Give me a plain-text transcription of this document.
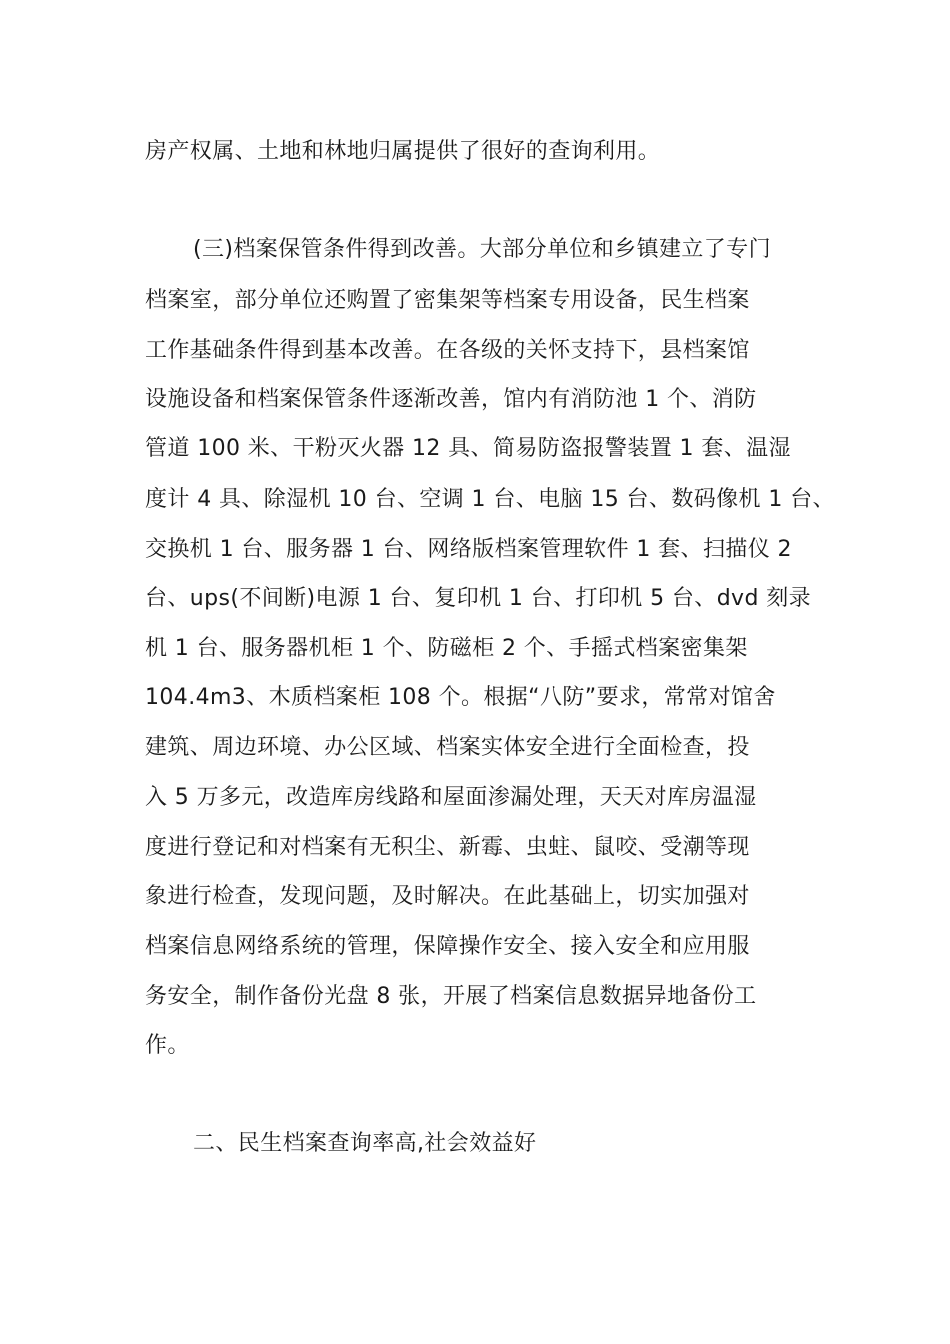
房产权属、土地和林地归属提供了很好的查询利用。
(三)档案保管条件得到改善。大部分单位和乡镇建立了专门
档案室，部分单位还购置了密集架等档案专用设备，民生档案
工作基础条件得到基本改善。在各级的关怀支持下，县档案馆
设施设备和档案保管条件逐渐改善，馆内有消防池 1 个、消防
管道 100 米、干粉灭火器 12 具、简易防盗报警装置 1 套、温湿
度计 4 具、除湿机 10 台、空调 1 台、电脑 15 台、数码像机 1 台、
交换机 1 台、服务器 1 台、网络版档案管理软件 1 套、扫描仪 2
台、ups(不间断)电源 1 台、复印机 1 台、打印机 5 台、dvd 刻录
机 1 台、服务器机柜 1 个、防磁柜 2 个、手摇式档案密集架
104.4m3、木质档案柜 108 个。根据“八防”要求，常常对馆舍
建筑、周边环境、办公区域、档案实体安全进行全面检查，投
入 5 万多元，改造库房线路和屋面渗漏处理，天天对库房温湿
度进行登记和对档案有无积尘、新霉、虫蛀、鼠咬、受潮等现
象进行检查，发现问题，及时解决。在此基础上，切实加强对
档案信息网络系统的管理，保障操作安全、接入安全和应用服
务安全，制作备份光盘 8 张，开展了档案信息数据异地备份工
作。
二、民生档案查询率高,社会效益好
